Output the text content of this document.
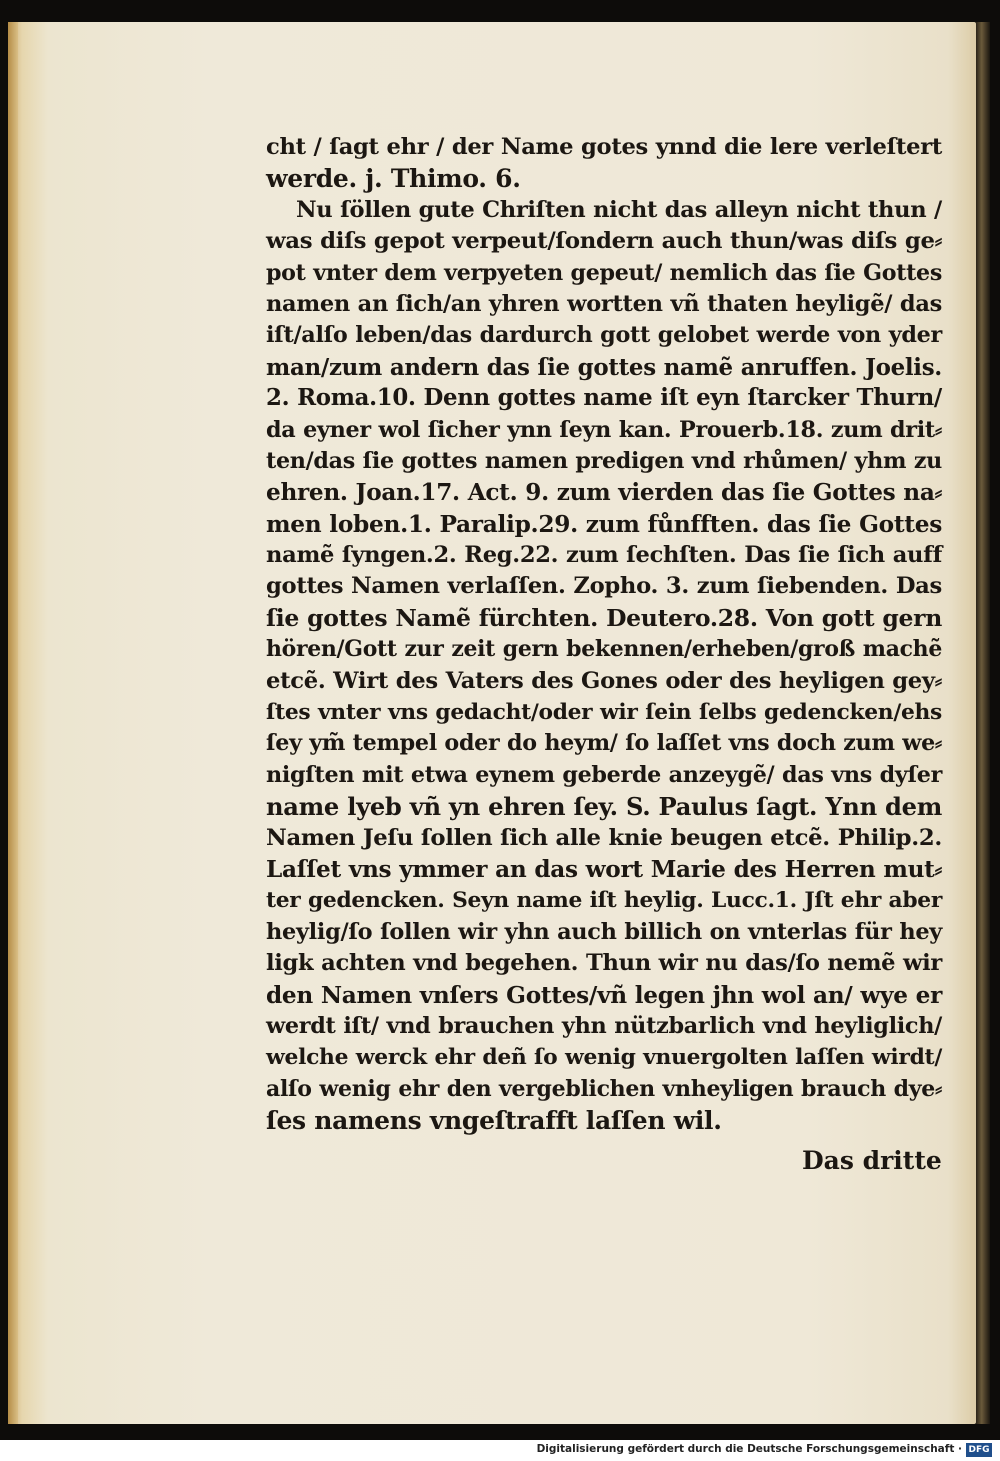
cht / ſagt ehr / der Name gotes ynnd die lere verleſtert
werde. j. Thimo. 6.
Nu ſöllen gute Chriſten nicht das alleyn nicht thun /
was diſs gepot verpeut/ſondern auch thun/was diſs ge⸗
pot vnter dem verpyeten gepeut/ nemlich das ſie Gottes
namen an ſich/an yhren wortten vñ thaten heyligẽ/ das
iſt/alſo leben/das dardurch gott gelobet werde von yder
man/zum andern das ſie gottes namẽ anruffen. Joelis.
2. Roma.10. Denn gottes name iſt eyn ſtarcker Thurn/
da eyner wol ſicher ynn ſeyn kan. Prouerb.18. zum drit⸗
ten/das ſie gottes namen predigen vnd rhůmen/ yhm zu
ehren. Joan.17. Act. 9. zum vierden das ſie Gottes na⸗
men loben.1. Paralip.29. zum fůnfften. das ſie Gottes
namẽ ſyngen.2. Reg.22. zum ſechſten. Das ſie ſich auff
gottes Namen verlaſſen. Zopho. 3. zum ſiebenden. Das
ſie gottes Namẽ fürchten. Deutero.28. Von gott gern
hören/Gott zur zeit gern bekennen/erheben/groß machẽ
etcẽ. Wirt des Vaters des Gones oder des heyligen gey⸗
ſtes vnter vns gedacht/oder wir ſein ſelbs gedencken/ehs
ſey ym̃ tempel oder do heym/ ſo laſſet vns doch zum we⸗
nigſten mit etwa eynem geberde anzeygẽ/ das vns dyſer
name lyeb vñ yn ehren ſey. S. Paulus ſagt. Ynn dem
Namen Jeſu ſollen ſich alle knie beugen etcẽ. Philip.2.
Laſſet vns ymmer an das wort Marie des Herren mut⸗
ter gedencken. Seyn name iſt heylig. Lucc.1. Jſt ehr aber
heylig/ſo ſollen wir yhn auch billich on vnterlas für hey
ligk achten vnd begehen. Thun wir nu das/ſo nemẽ wir
den Namen vnſers Gottes/vñ legen jhn wol an/ wye er
werdt iſt/ vnd brauchen yhn nützbarlich vnd heyliglich/
welche werck ehr deñ ſo wenig vnuergolten laſſen wirdt/
alſo wenig ehr den vergeblichen vnheyligen brauch dye⸗
ſes namens vngeſtrafft laſſen wil.
Das dritte
Digitalisierung gefördert durch die Deutsche Forschungsgemeinschaft · DFG
